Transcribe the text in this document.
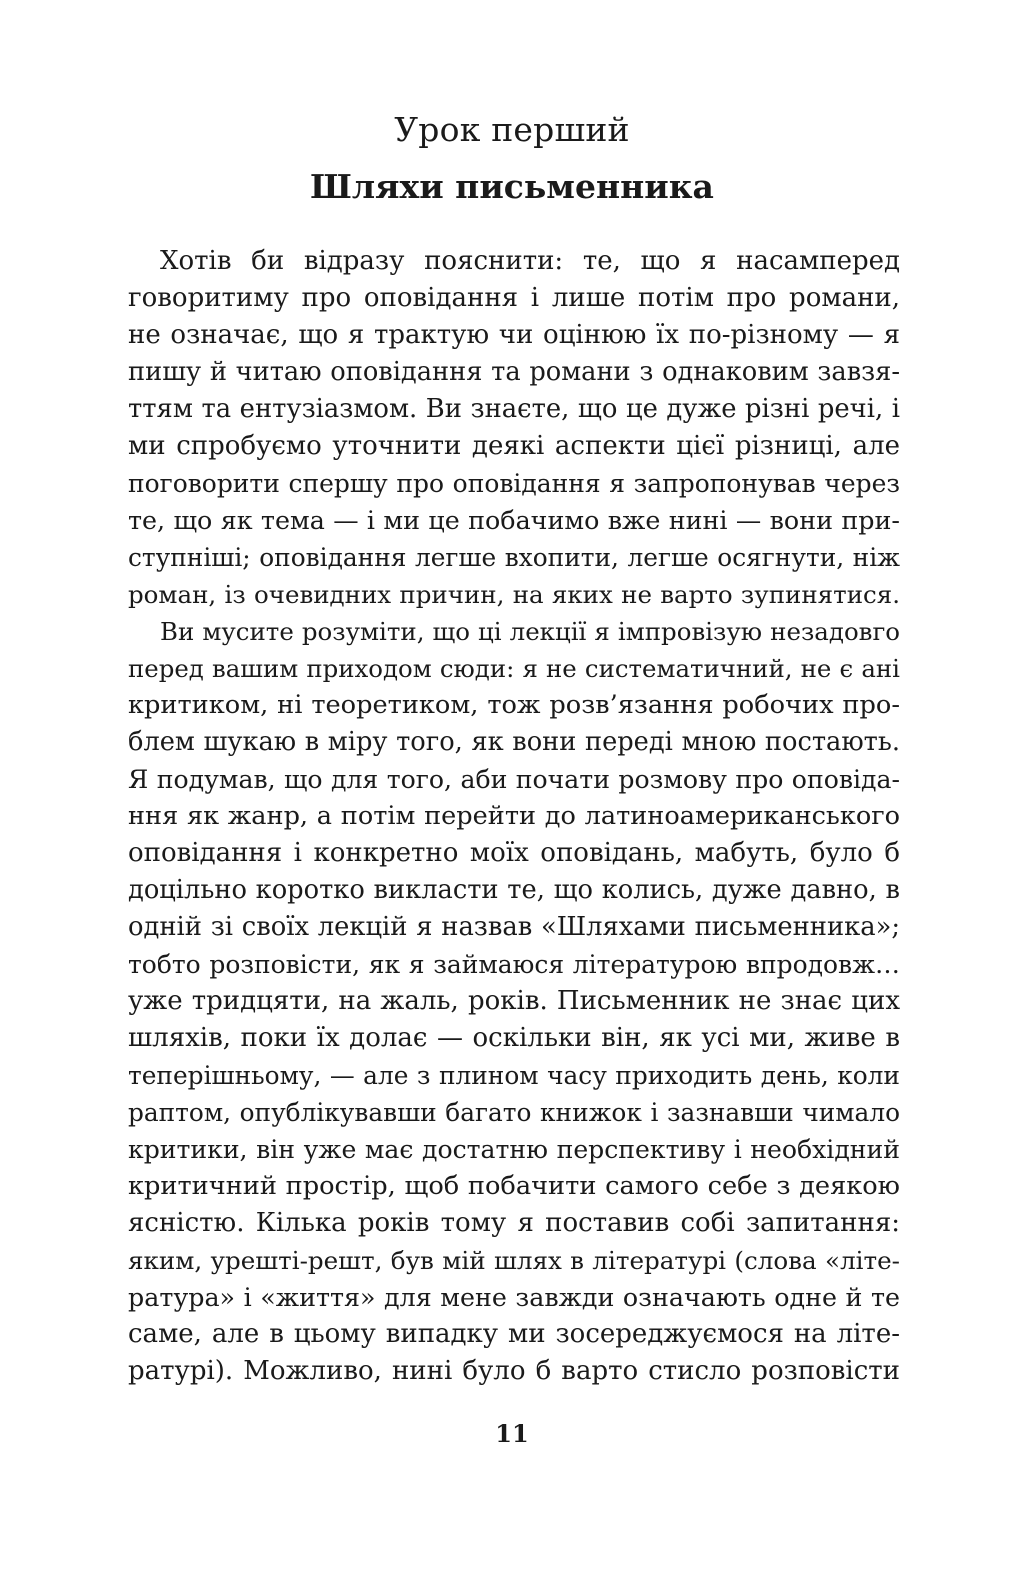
Урок перший
Шляхи письменника
Хотів би відразу пояснити: те, що я насамперед
говоритиму про оповідання і лише потім про романи,
не означає, що я трактую чи оцінюю їх по-різному — я
пишу й читаю оповідання та романи з однаковим завзя-
ттям та ентузіазмом. Ви знаєте, що це дуже різні речі, і
ми спробуємо уточнити деякі аспекти цієї різниці, але
поговорити спершу про оповідання я запропонував через
те, що як тема — і ми це побачимо вже нині — вони при-
ступніші; оповідання легше вхопити, легше осягнути, ніж
роман, із очевидних причин, на яких не варто зупинятися.
Ви мусите розуміти, що ці лекції я імпровізую незадовго
перед вашим приходом сюди: я не систематичний, не є ані
критиком, ні теоретиком, тож розв’язання робочих про-
блем шукаю в міру того, як вони переді мною постають.
Я подумав, що для того, аби почати розмову про оповіда-
ння як жанр, а потім перейти до латиноамериканського
оповідання і конкретно моїх оповідань, мабуть, було б
доцільно коротко викласти те, що колись, дуже давно, в
одній зі своїх лекцій я назвав «Шляхами письменника»;
тобто розповісти, як я займаюся літературою впродовж…
уже тридцяти, на жаль, років. Письменник не знає цих
шляхів, поки їх долає — оскільки він, як усі ми, живе в
теперішньому, — але з плином часу приходить день, коли
раптом, опублікувавши багато книжок і зазнавши чимало
критики, він уже має достатню перспективу і необхідний
критичний простір, щоб побачити самого себе з деякою
ясністю. Кілька років тому я поставив собі запитання:
яким, урешті-решт, був мій шлях в літературі (слова «літе-
ратура» і «життя» для мене завжди означають одне й те
саме, але в цьому випадку ми зосереджуємося на літе-
ратурі). Можливо, нині було б варто стисло розповісти
11
